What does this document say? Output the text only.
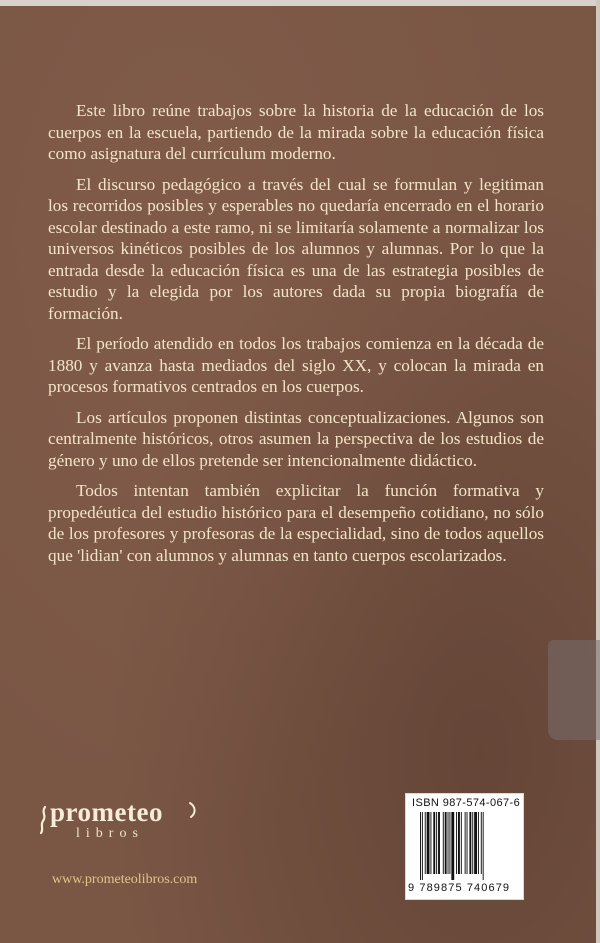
Este libro reúne trabajos sobre la historia de la educación de los cuerpos en la escuela, partiendo de la mirada sobre la educación física como asignatura del currículum moderno.

El discurso pedagógico a través del cual se formulan y legitiman los recorridos posibles y esperables no quedaría encerrado en el horario escolar destinado a este ramo, ni se limitaría solamente a normalizar los universos kinéticos posibles de los alumnos y alumnas. Por lo que la entrada desde la educación física es una de las estrategia posibles de estudio y la elegida por los autores dada su propia biografía de formación.

El período atendido en todos los trabajos comienza en la década de 1880 y avanza hasta mediados del siglo XX, y colocan la mirada en procesos formativos centrados en los cuerpos.

Los artículos proponen distintas conceptualizaciones. Algunos son centralmente históricos, otros asumen la perspectiva de los estudios de género y uno de ellos pretende ser intencionalmente didáctico.

Todos intentan también explicitar la función formativa y propedéutica del estudio histórico para el desempeño cotidiano, no sólo de los profesores y profesoras de la especialidad, sino de todos aquellos que 'lidian' con alumnos y alumnas en tanto cuerpos escolarizados.

prometeo
libros
www.prometeolibros.com
ISBN 987-574-067-6
9 789875 740679
